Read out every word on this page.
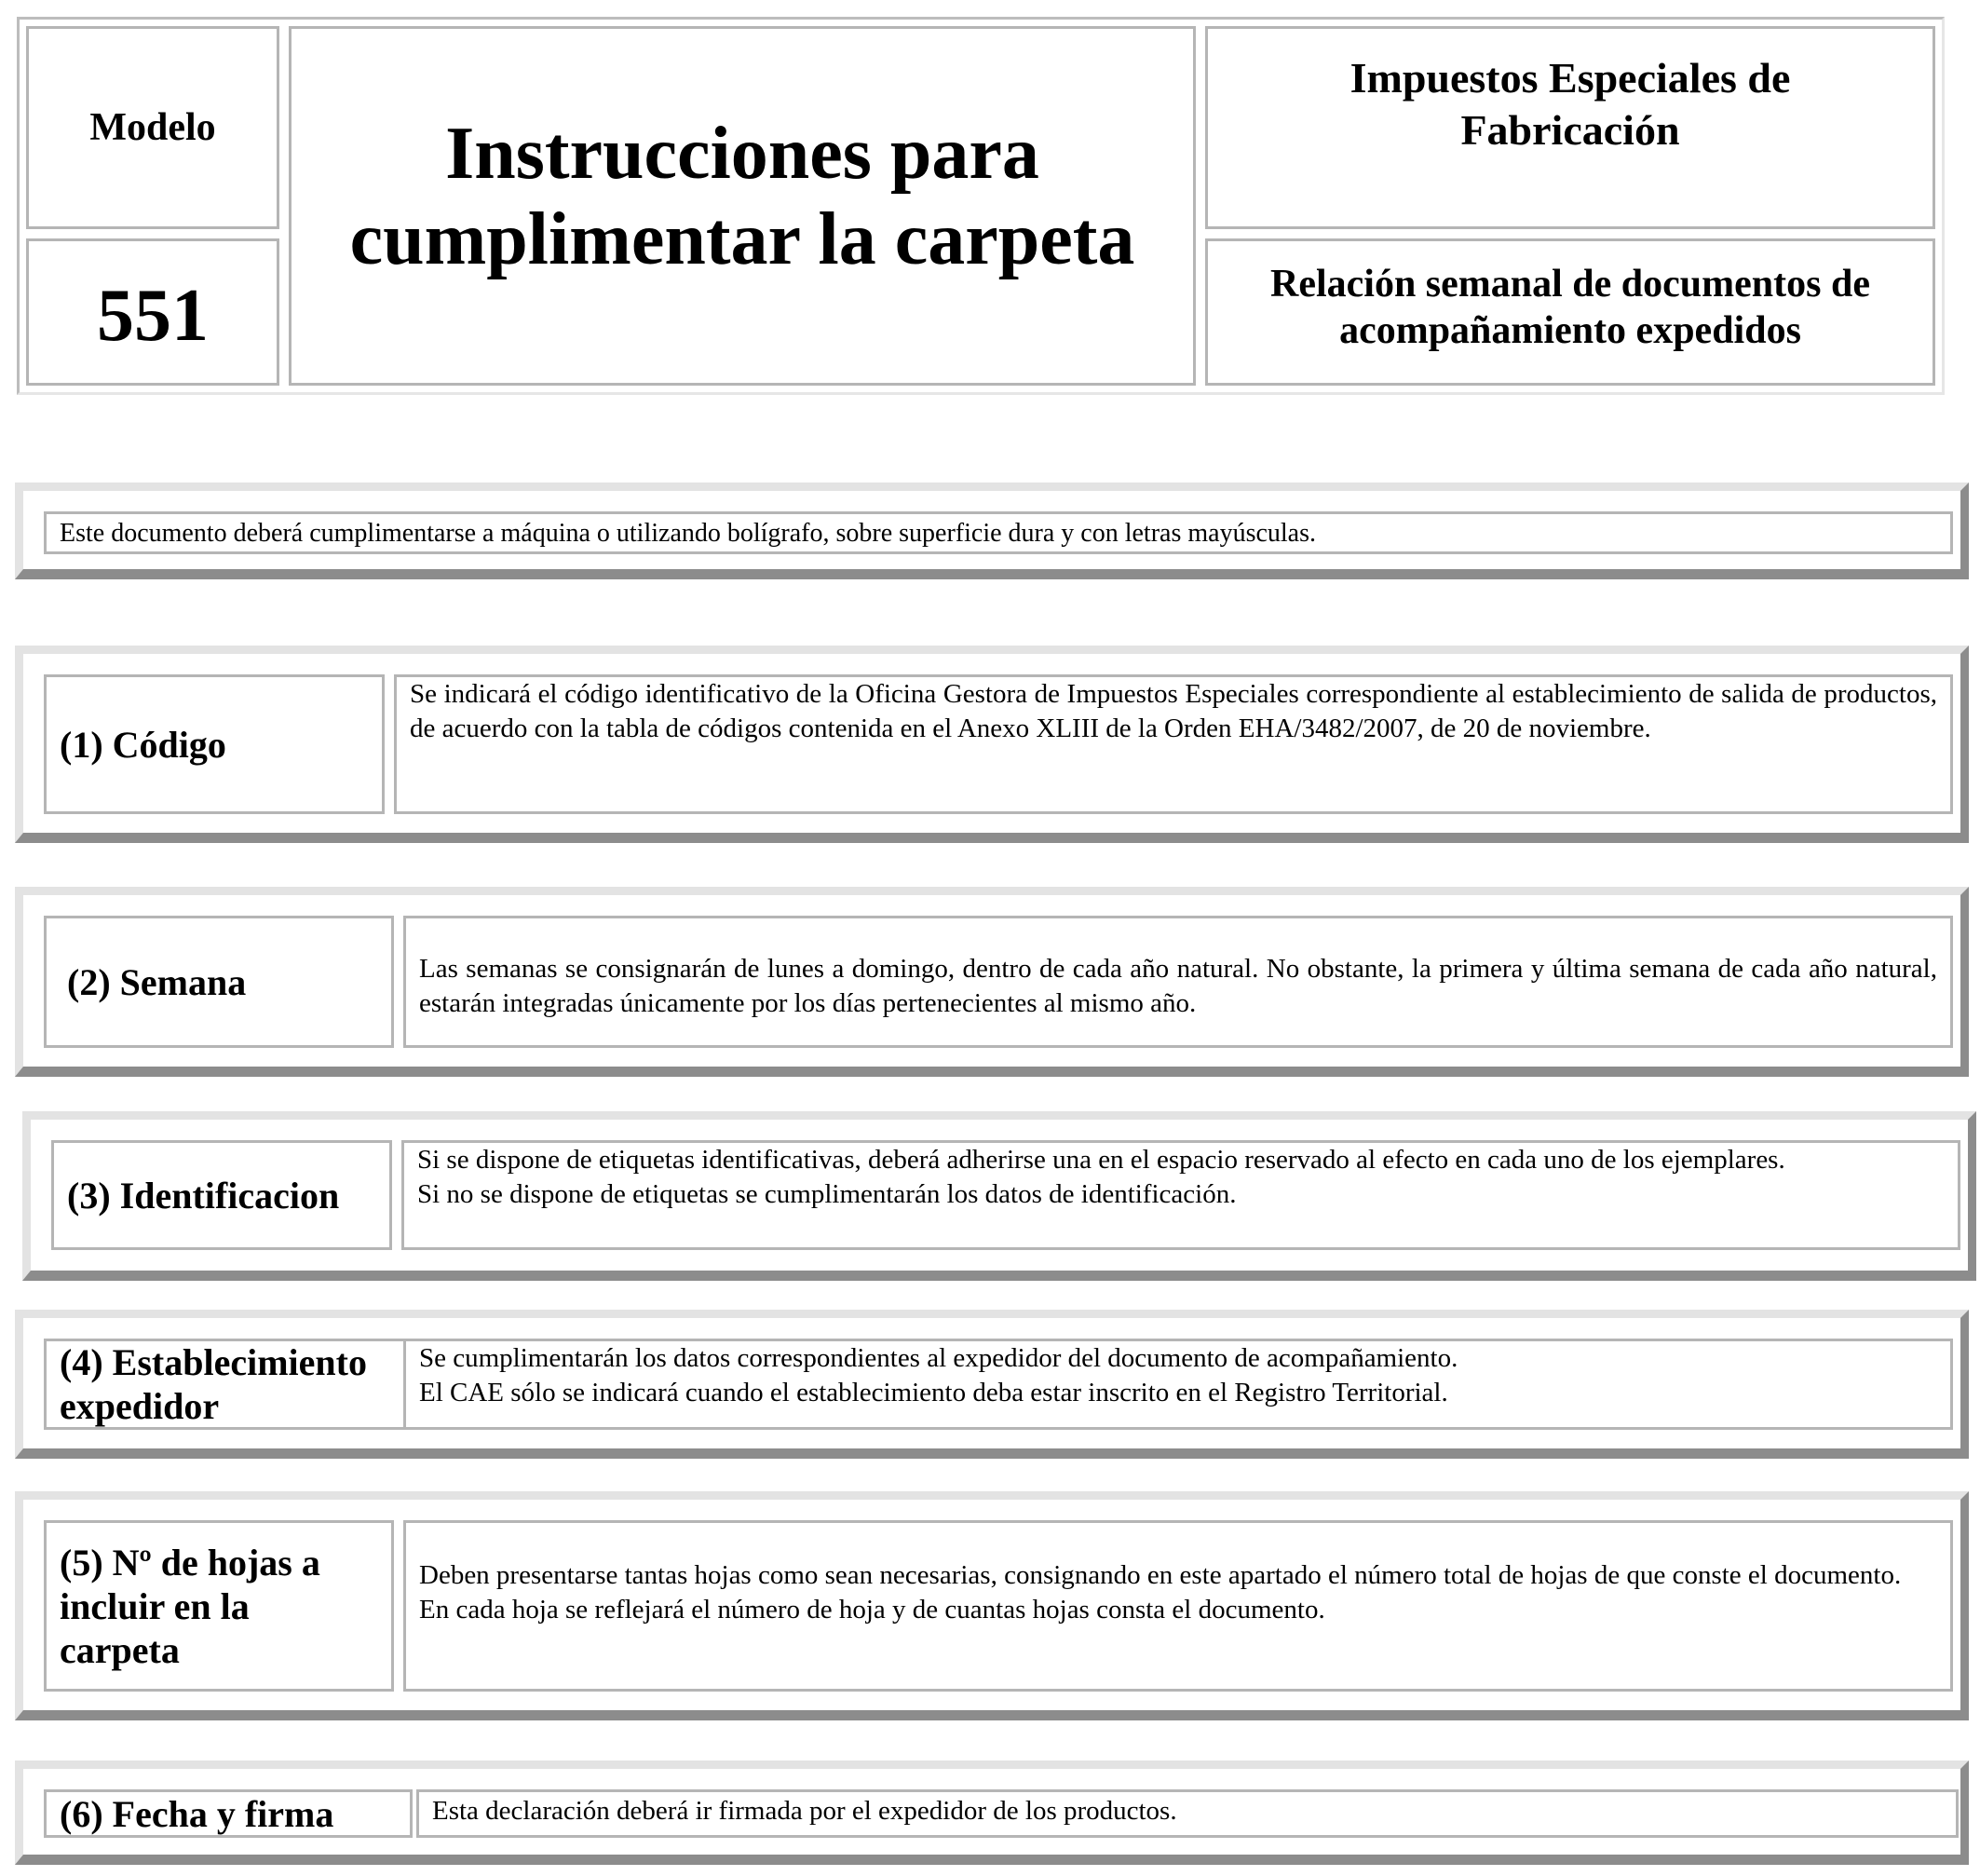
Modelo
551
Instrucciones para
cumplimentar la carpeta
Impuestos Especiales de
Fabricación
Relación semanal de documentos de
acompañamiento expedidos
Este documento deberá cumplimentarse a máquina o utilizando bolígrafo, sobre superficie dura y con letras mayúsculas.
(1) Código
Se indicará el código identificativo de la Oficina Gestora de Impuestos Especiales correspondiente al establecimiento de salida de productos, de acuerdo con la tabla de códigos contenida en el Anexo XLIII de la Orden EHA/3482/2007, de 20 de noviembre.
(2) Semana	Las semanas se consignarán de lunes a domingo, dentro de cada año natural. No obstante, la primera y última semana de cada año natural, estarán integradas únicamente por los días pertenecientes al mismo año.
(3) Identificacion
Si se dispone de etiquetas identificativas, deberá adherirse una en el espacio reservado al efecto en cada uno de los ejemplares.
Si no se dispone de etiquetas se cumplimentarán los datos de identificación.
(4) Establecimiento
expedidor
Se cumplimentarán los datos correspondientes al expedidor del documento de acompañamiento.
El CAE sólo se indicará cuando el establecimiento deba estar inscrito en el Registro Territorial.
(5) Nº de hojas a
incluir en la
carpeta
Deben presentarse tantas hojas como sean necesarias, consignando en este apartado el número total de hojas de que conste el documento.
En cada hoja se reflejará el número de hoja y de cuantas hojas consta el documento.
(6) Fecha y firma	Esta declaración deberá ir firmada por el expedidor de los productos.
